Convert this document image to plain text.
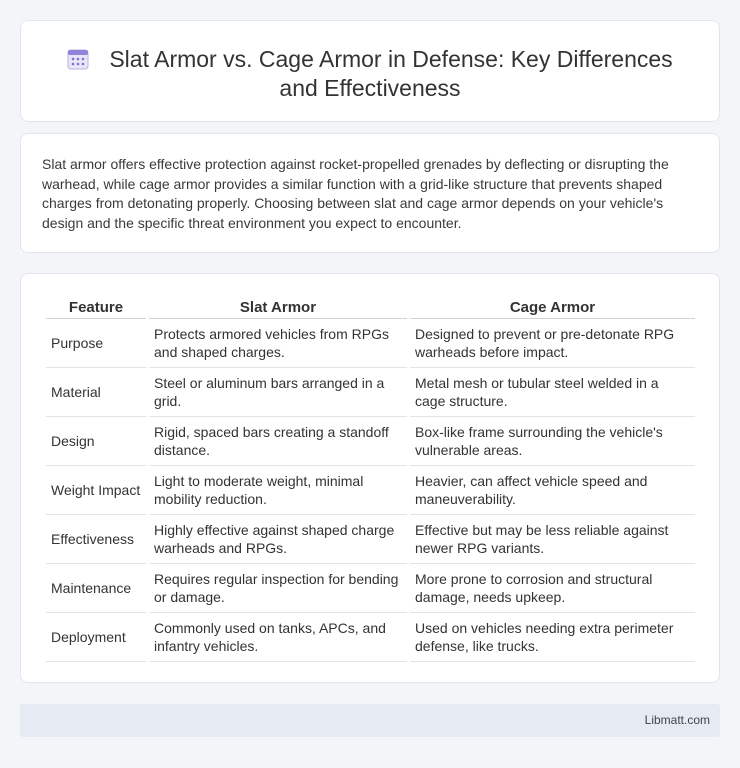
Slat Armor vs. Cage Armor in Defense: Key Differences and Effectiveness

Slat armor offers effective protection against rocket-propelled grenades by deflecting or disrupting the warhead, while cage armor provides a similar function with a grid-like structure that prevents shaped charges from detonating properly. Choosing between slat and cage armor depends on your vehicle's design and the specific threat environment you expect to encounter.

Feature	Slat Armor	Cage Armor
Purpose	Protects armored vehicles from RPGs and shaped charges.	Designed to prevent or pre-detonate RPG warheads before impact.
Material	Steel or aluminum bars arranged in a grid.	Metal mesh or tubular steel welded in a cage structure.
Design	Rigid, spaced bars creating a standoff distance.	Box-like frame surrounding the vehicle's vulnerable areas.
Weight Impact	Light to moderate weight, minimal mobility reduction.	Heavier, can affect vehicle speed and maneuverability.
Effectiveness	Highly effective against shaped charge warheads and RPGs.	Effective but may be less reliable against newer RPG variants.
Maintenance	Requires regular inspection for bending or damage.	More prone to corrosion and structural damage, needs upkeep.
Deployment	Commonly used on tanks, APCs, and infantry vehicles.	Used on vehicles needing extra perimeter defense, like trucks.
Libmatt.com
